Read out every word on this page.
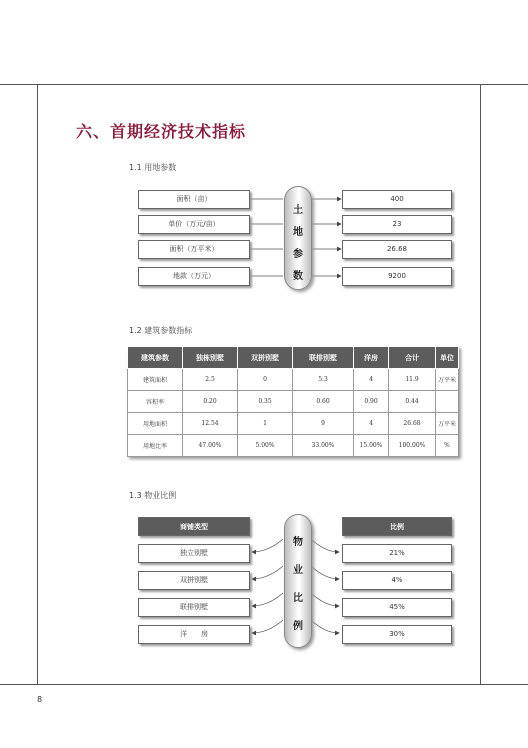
六、首期经济技术指标
1.1 用地参数
面积（亩）
单价（万元/亩）
面积（万平米）
地款（万元）
土
地
参
数
400
23
26.68
9200
1.2 建筑参数指标
建筑参数	独栋别墅	双拼别墅	联排别墅	洋房	合计	单位
建筑面积	2.5	0	5.3	4	11.9	万平米
容积率	0.20	0.35	0.60	0.90	0.44	
用地面积	12.54	1	9	4	26.68	万平米
用地比率	47.00%	5.00%	33.00%	15.00%	100.00%	%
1.3 物业比例
商铺类型
独立别墅
双拼别墅
联排别墅
洋　　房
物
业
比
例
比例
21%
4%
45%
30%
8
